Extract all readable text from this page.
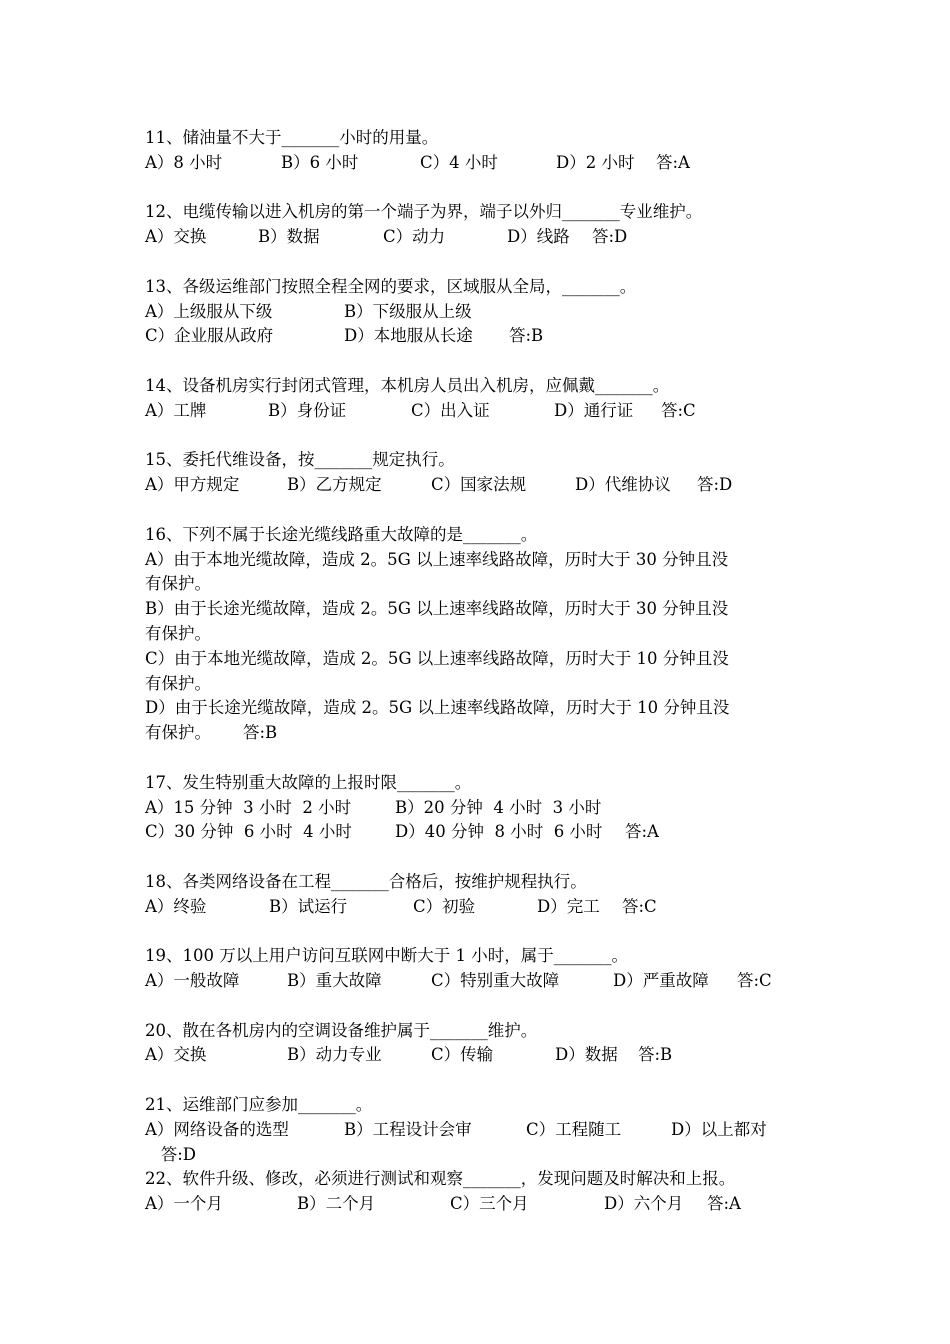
11、储油量不大于_______小时的用量。
A）8 小时	B）6 小时	C）4 小时	D）2 小时 答:A
12、电缆传输以进入机房的第一个端子为界，端子以外归_______专业维护。
A）交换	B）数据	C）动力	D）线路 答:D
13、各级运维部门按照全程全网的要求，区域服从全局，_______。
A）上级服从下级	B）下级服从上级
C）企业服从政府	D）本地服从长途 答:B
14、设备机房实行封闭式管理，本机房人员出入机房，应佩戴_______。
A）工牌	B）身份证	C）出入证	D）通行证 答:C
15、委托代维设备，按_______规定执行。
A）甲方规定	B）乙方规定	C）国家法规	D）代维协议 答:D
16、下列不属于长途光缆线路重大故障的是_______。
A）由于本地光缆故障，造成 2。5G 以上速率线路故障，历时大于 30 分钟且没
有保护。
B）由于长途光缆故障，造成 2。5G 以上速率线路故障，历时大于 30 分钟且没
有保护。
C）由于本地光缆故障，造成 2。5G 以上速率线路故障，历时大于 10 分钟且没
有保护。
D）由于长途光缆故障，造成 2。5G 以上速率线路故障，历时大于 10 分钟且没
有保护。 答:B
17、发生特别重大故障的上报时限_______。
A）15 分钟  3 小时  2 小时	B）20 分钟  4 小时  3 小时
C）30 分钟  6 小时  4 小时	D）40 分钟  8 小时  6 小时 答:A
18、各类网络设备在工程_______合格后，按维护规程执行。
A）终验	B）试运行	C）初验	D）完工 答:C
19、100 万以上用户访问互联网中断大于 1 小时，属于_______。
A）一般故障	B）重大故障	C）特别重大故障	D）严重故障 答:C
20、散在各机房内的空调设备维护属于_______维护。
A）交换	B）动力专业	C）传输	D）数据 答:B
21、运维部门应参加_______。
A）网络设备的选型	B）工程设计会审	C）工程随工	D）以上都对
答:D
22、软件升级、修改，必须进行测试和观察_______，发现问题及时解决和上报。
A）一个月	B）二个月	C）三个月	D）六个月 答:A
